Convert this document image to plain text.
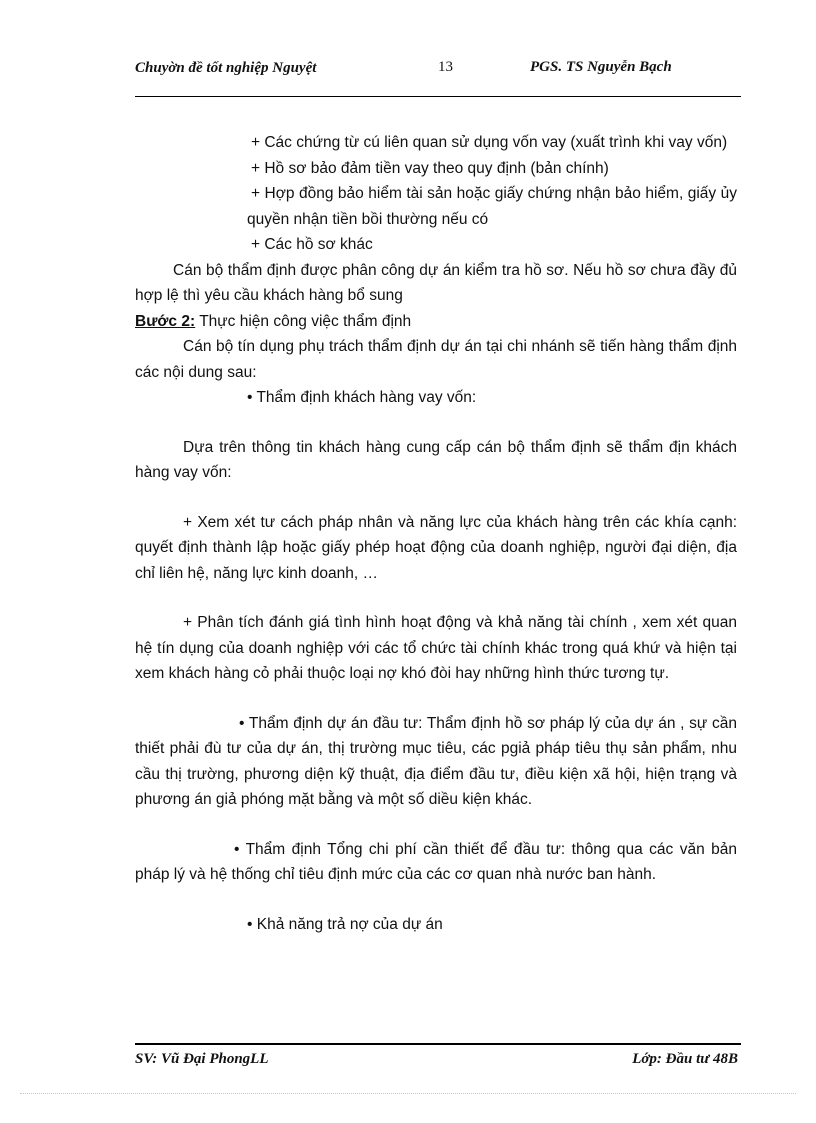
Chuyờn đề tốt nghiệp Nguyệt	13	PGS. TS Nguyễn Bạch

+ Các chứng từ cú liên quan sử dụng vốn vay (xuất trình khi vay vốn)

+ Hồ sơ bảo đảm tiền vay theo quy định (bản chính)

+ Hợp đồng bảo hiểm tài sản hoặc giấy chứng nhận bảo hiểm, giấy ủy quyền nhận tiền bồi thường nếu có

+ Các hồ sơ khác

Cán bộ thẩm định được phân công dự án kiểm tra hồ sơ. Nếu hồ sơ chưa đầy đủ hợp lệ thì yêu cầu khách hàng bổ sung

Bước 2: Thực hiện công việc thẩm định

Cán bộ tín dụng phụ trách thẩm định dự án tại chi nhánh sẽ tiến hàng thẩm định các nội dung sau:

• Thẩm định khách hàng vay vốn:

Dựa trên thông tin khách hàng cung cấp cán bộ thẩm định sẽ thẩm địn khách hàng vay vốn:

+ Xem xét tư cách pháp nhân và năng lực của khách hàng trên các khía cạnh: quyết định thành lập hoặc giấy phép hoạt động của doanh nghiệp, người đại diện, địa chỉ liên hệ, năng lực kinh doanh, …

+ Phân tích đánh giá tình hình hoạt động và khả năng tài chính , xem xét quan hệ tín dụng của doanh nghiệp với các tổ chức tài chính khác trong quá khứ và hiện tại xem khách hàng cỏ phải thuộc loại nợ khó đòi hay những hình thức tương tự.

• Thẩm định dự án đầu tư: Thẩm định hồ sơ pháp lý của dự án , sự cần thiết phải đù tư của dự án, thị trường mục tiêu, các pgiả pháp tiêu thụ sản phẩm, nhu cầu thị trường, phương diện kỹ thuật, địa điểm đầu tư, điều kiện xã hội, hiện trạng và phương án giả phóng mặt bằng và một số diều kiện khác.

• Thẩm định Tổng chi phí cần thiết để đầu tư: thông qua các văn bản pháp lý và hệ thống chỉ tiêu định mức của các cơ quan nhà nước ban hành.

• Khả năng trả nợ của dự án

SV: Vũ Đại PhongLL	Lớp: Đầu tư 48B
